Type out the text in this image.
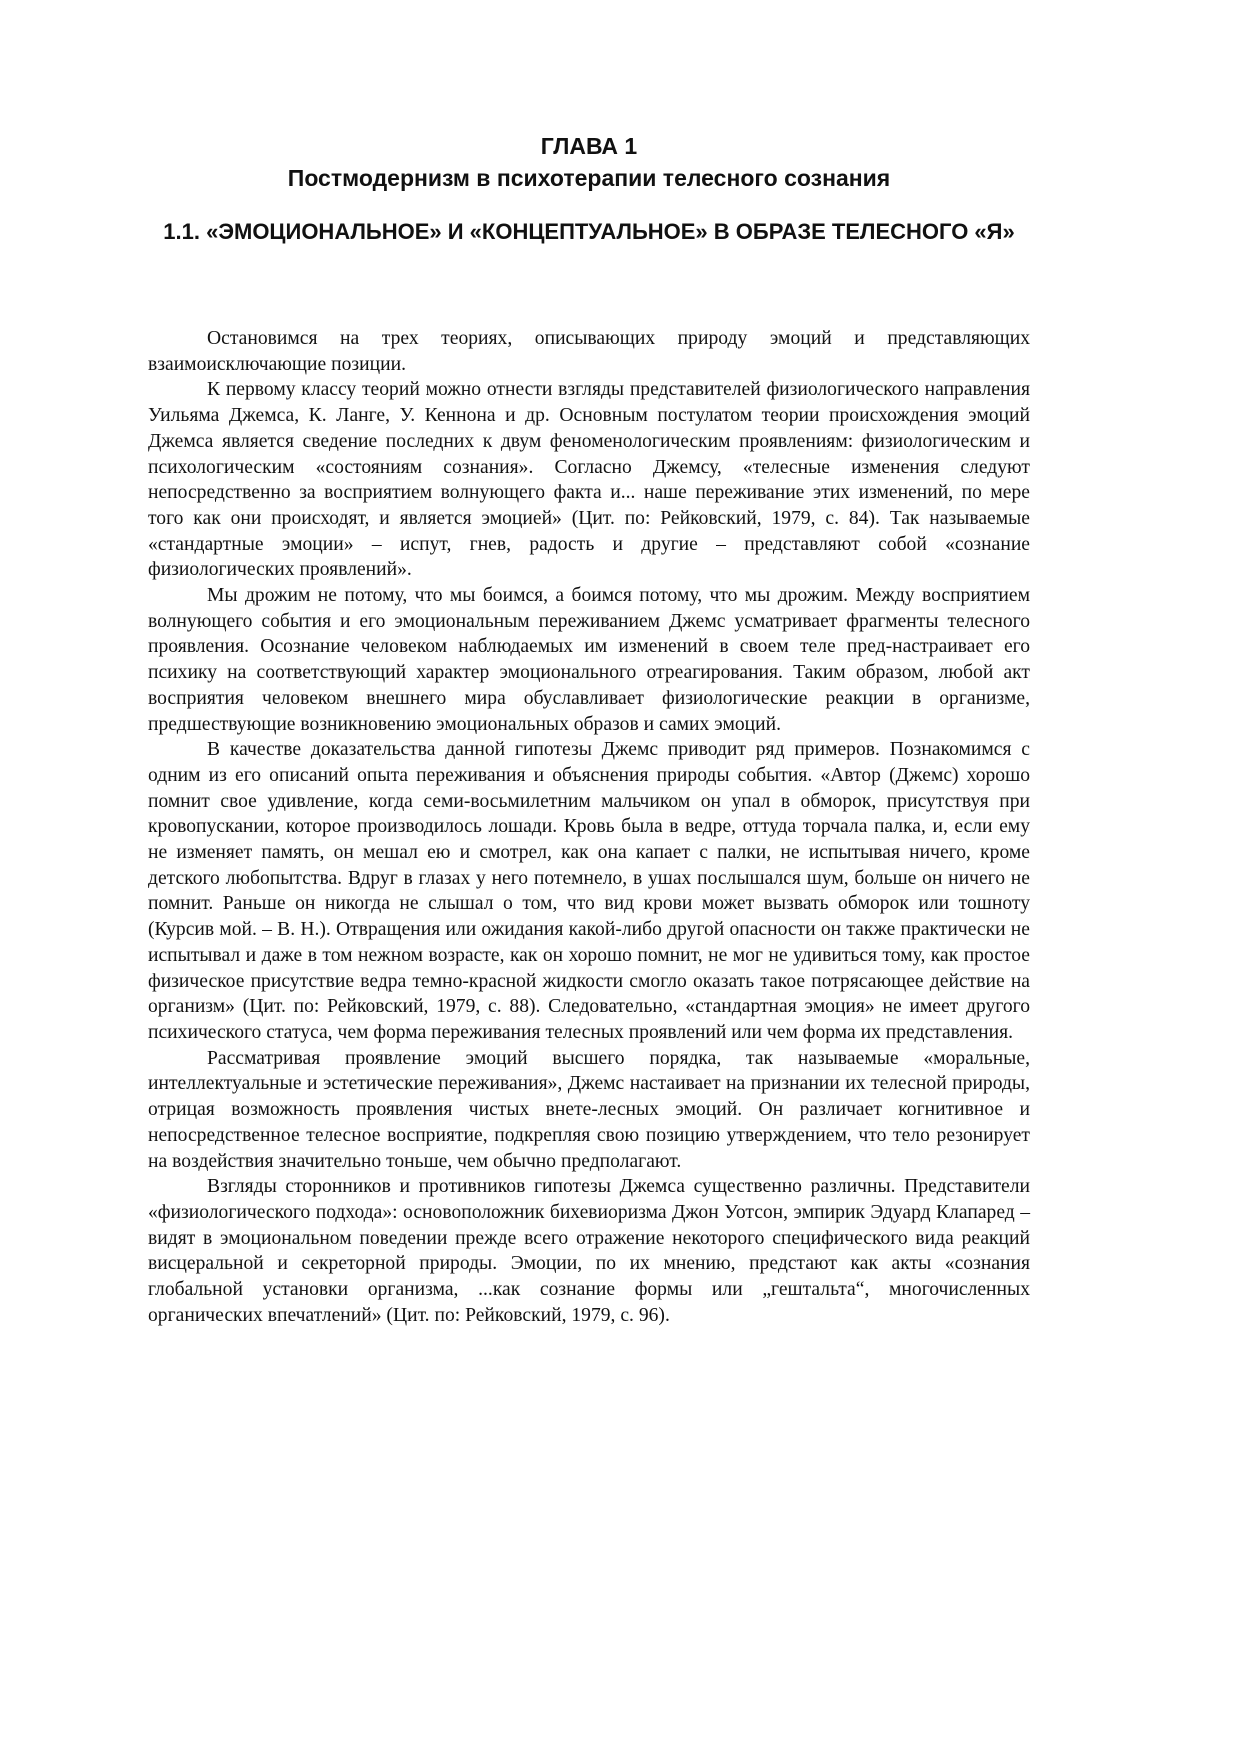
ГЛАВА 1
Постмодернизм в психотерапии телесного сознания
1.1. «ЭМОЦИОНАЛЬНОЕ» И «КОНЦЕПТУАЛЬНОЕ» В ОБРАЗЕ ТЕЛЕСНОГО «Я»

Остановимся на трех теориях, описывающих природу эмоций и представляющих взаимоисключающие позиции.

К первому классу теорий можно отнести взгляды представителей физиологического направления Уильяма Джемса, К. Ланге, У. Кеннона и др. Основным постулатом теории происхождения эмоций Джемса является сведение последних к двум феноменологическим проявлениям: физиологическим и психологическим «состояниям сознания». Согласно Джемсу, «телесные изменения следуют непосредственно за восприятием волнующего факта и... наше переживание этих изменений, по мере того как они происходят, и является эмоцией» (Цит. по: Рейковский, 1979, с. 84). Так называемые «стандартные эмоции» – испут, гнев, радость и другие – представляют собой «сознание физиологических проявлений».

Мы дрожим не потому, что мы боимся, а боимся потому, что мы дрожим. Между восприятием волнующего события и его эмоциональным переживанием Джемс усматривает фрагменты телесного проявления. Осознание человеком наблюдаемых им изменений в своем теле пред-настраивает его психику на соответствующий характер эмоционального отреагирования. Таким образом, любой акт восприятия человеком внешнего мира обуславливает физиологические реакции в организме, предшествующие возникновению эмоциональных образов и самих эмоций.

В качестве доказательства данной гипотезы Джемс приводит ряд примеров. Познакомимся с одним из его описаний опыта переживания и объяснения природы события. «Автор (Джемс) хорошо помнит свое удивление, когда семи-восьмилетним мальчиком он упал в обморок, присутствуя при кровопускании, которое производилось лошади. Кровь была в ведре, оттуда торчала палка, и, если ему не изменяет память, он мешал ею и смотрел, как она капает с палки, не испытывая ничего, кроме детского любопытства. Вдруг в глазах у него потемнело, в ушах послышался шум, больше он ничего не помнит. Раньше он никогда не слышал о том, что вид крови может вызвать обморок или тошноту (Курсив мой. – В. Н.). Отвращения или ожидания какой-либо другой опасности он также практически не испытывал и даже в том нежном возрасте, как он хорошо помнит, не мог не удивиться тому, как простое физическое присутствие ведра темно-красной жидкости смогло оказать такое потрясающее действие на организм» (Цит. по: Рейковский, 1979, с. 88). Следовательно, «стандартная эмоция» не имеет другого психического статуса, чем форма переживания телесных проявлений или чем форма их представления.

Рассматривая проявление эмоций высшего порядка, так называемые «моральные, интеллектуальные и эстетические переживания», Джемс настаивает на признании их телесной природы, отрицая возможность проявления чистых внете-лесных эмоций. Он различает когнитивное и непосредственное телесное восприятие, подкрепляя свою позицию утверждением, что тело резонирует на воздействия значительно тоньше, чем обычно предполагают.

Взгляды сторонников и противников гипотезы Джемса существенно различны. Представители «физиологического подхода»: основоположник бихевиоризма Джон Уотсон, эмпирик Эдуард Клапаред – видят в эмоциональном поведении прежде всего отражение некоторого специфического вида реакций висцеральной и секреторной природы. Эмоции, по их мнению, предстают как акты «сознания глобальной установки организма, ...как сознание формы или „гештальта“, многочисленных органических впечатлений» (Цит. по: Рейковский, 1979, с. 96).
